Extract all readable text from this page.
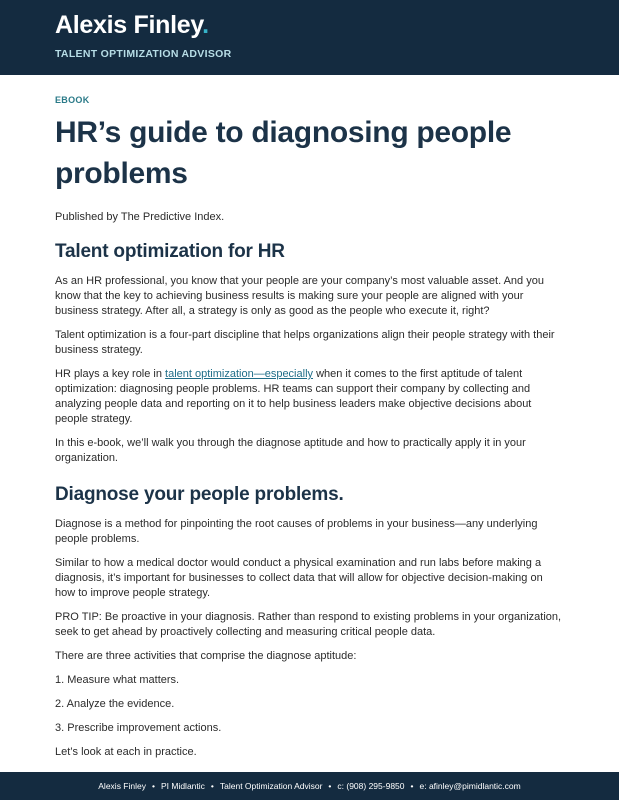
Alexis Finley.
TALENT OPTIMIZATION ADVISOR
EBOOK
HR’s guide to diagnosing people problems
Published by The Predictive Index.
Talent optimization for HR

As an HR professional, you know that your people are your company’s most valuable asset. And you know that the key to achieving business results is making sure your people are aligned with your business strategy. After all, a strategy is only as good as the people who execute it, right?

Talent optimization is a four-part discipline that helps organizations align their people strategy with their business strategy.

HR plays a key role in talent optimization—especially when it comes to the first aptitude of talent optimization: diagnosing people problems. HR teams can support their company by collecting and analyzing people data and reporting on it to help business leaders make objective decisions about people strategy.

In this e-book, we’ll walk you through the diagnose aptitude and how to practically apply it in your organization.

Diagnose your people problems.

Diagnose is a method for pinpointing the root causes of problems in your business—any underlying people problems.

Similar to how a medical doctor would conduct a physical examination and run labs before making a diagnosis, it’s important for businesses to collect data that will allow for objective decision-making on how to improve people strategy.

PRO TIP: Be proactive in your diagnosis. Rather than respond to existing problems in your organization, seek to get ahead by proactively collecting and measuring critical people data.

There are three activities that comprise the diagnose aptitude:

1. Measure what matters.

2. Analyze the evidence.

3. Prescribe improvement actions.

Let’s look at each in practice.

Alexis Finley • PI Midlantic • Talent Optimization Advisor • c: (908) 295-9850 • e: afinley@pimidlantic.com
